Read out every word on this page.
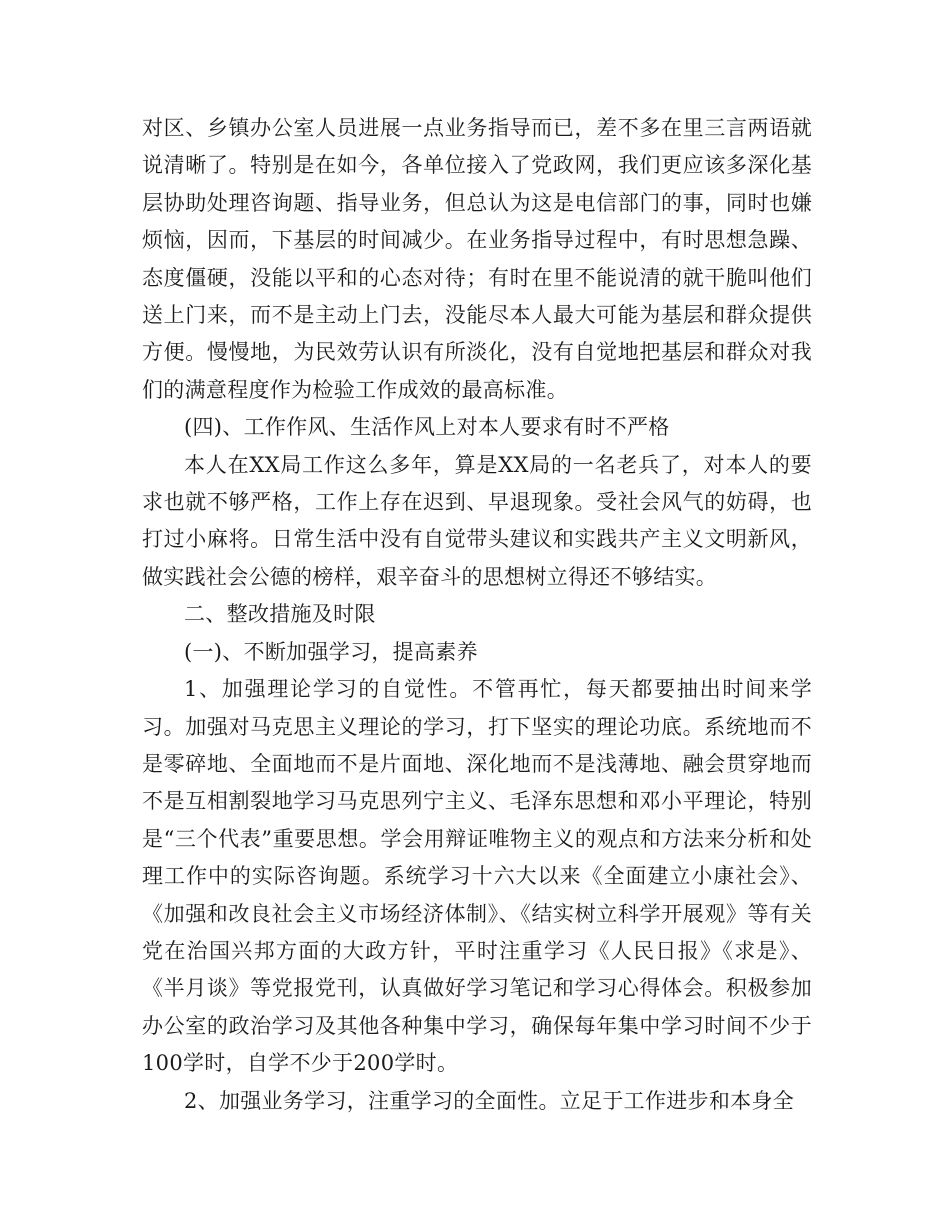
对区、乡镇办公室人员进展一点业务指导而已，差不多在里三言两语就说清晰了。特别是在如今，各单位接入了党政网，我们更应该多深化基层协助处理咨询题、指导业务，但总认为这是电信部门的事，同时也嫌烦恼，因而，下基层的时间减少。在业务指导过程中，有时思想急躁、态度僵硬，没能以平和的心态对待；有时在里不能说清的就干脆叫他们送上门来，而不是主动上门去，没能尽本人最大可能为基层和群众提供方便。慢慢地，为民效劳认识有所淡化，没有自觉地把基层和群众对我们的满意程度作为检验工作成效的最高标准。

(四)、工作作风、生活作风上对本人要求有时不严格

本人在XX局工作这么多年，算是XX局的一名老兵了，对本人的要求也就不够严格，工作上存在迟到、早退现象。受社会风气的妨碍，也打过小麻将。日常生活中没有自觉带头建议和实践共产主义文明新风，做实践社会公德的榜样，艰辛奋斗的思想树立得还不够结实。

二、整改措施及时限

(一)、不断加强学习，提高素养

1、加强理论学习的自觉性。不管再忙，每天都要抽出时间来学习。加强对马克思主义理论的学习，打下坚实的理论功底。系统地而不是零碎地、全面地而不是片面地、深化地而不是浅薄地、融会贯穿地而不是互相割裂地学习马克思列宁主义、毛泽东思想和邓小平理论，特别是“三个代表”重要思想。学会用辩证唯物主义的观点和方法来分析和处理工作中的实际咨询题。系统学习十六大以来《全面建立小康社会》、《加强和改良社会主义市场经济体制》、《结实树立科学开展观》等有关党在治国兴邦方面的大政方针，平时注重学习《人民日报》《求是》、《半月谈》等党报党刊，认真做好学习笔记和学习心得体会。积极参加办公室的政治学习及其他各种集中学习，确保每年集中学习时间不少于100学时，自学不少于200学时。

2、加强业务学习，注重学习的全面性。立足于工作进步和本身全
